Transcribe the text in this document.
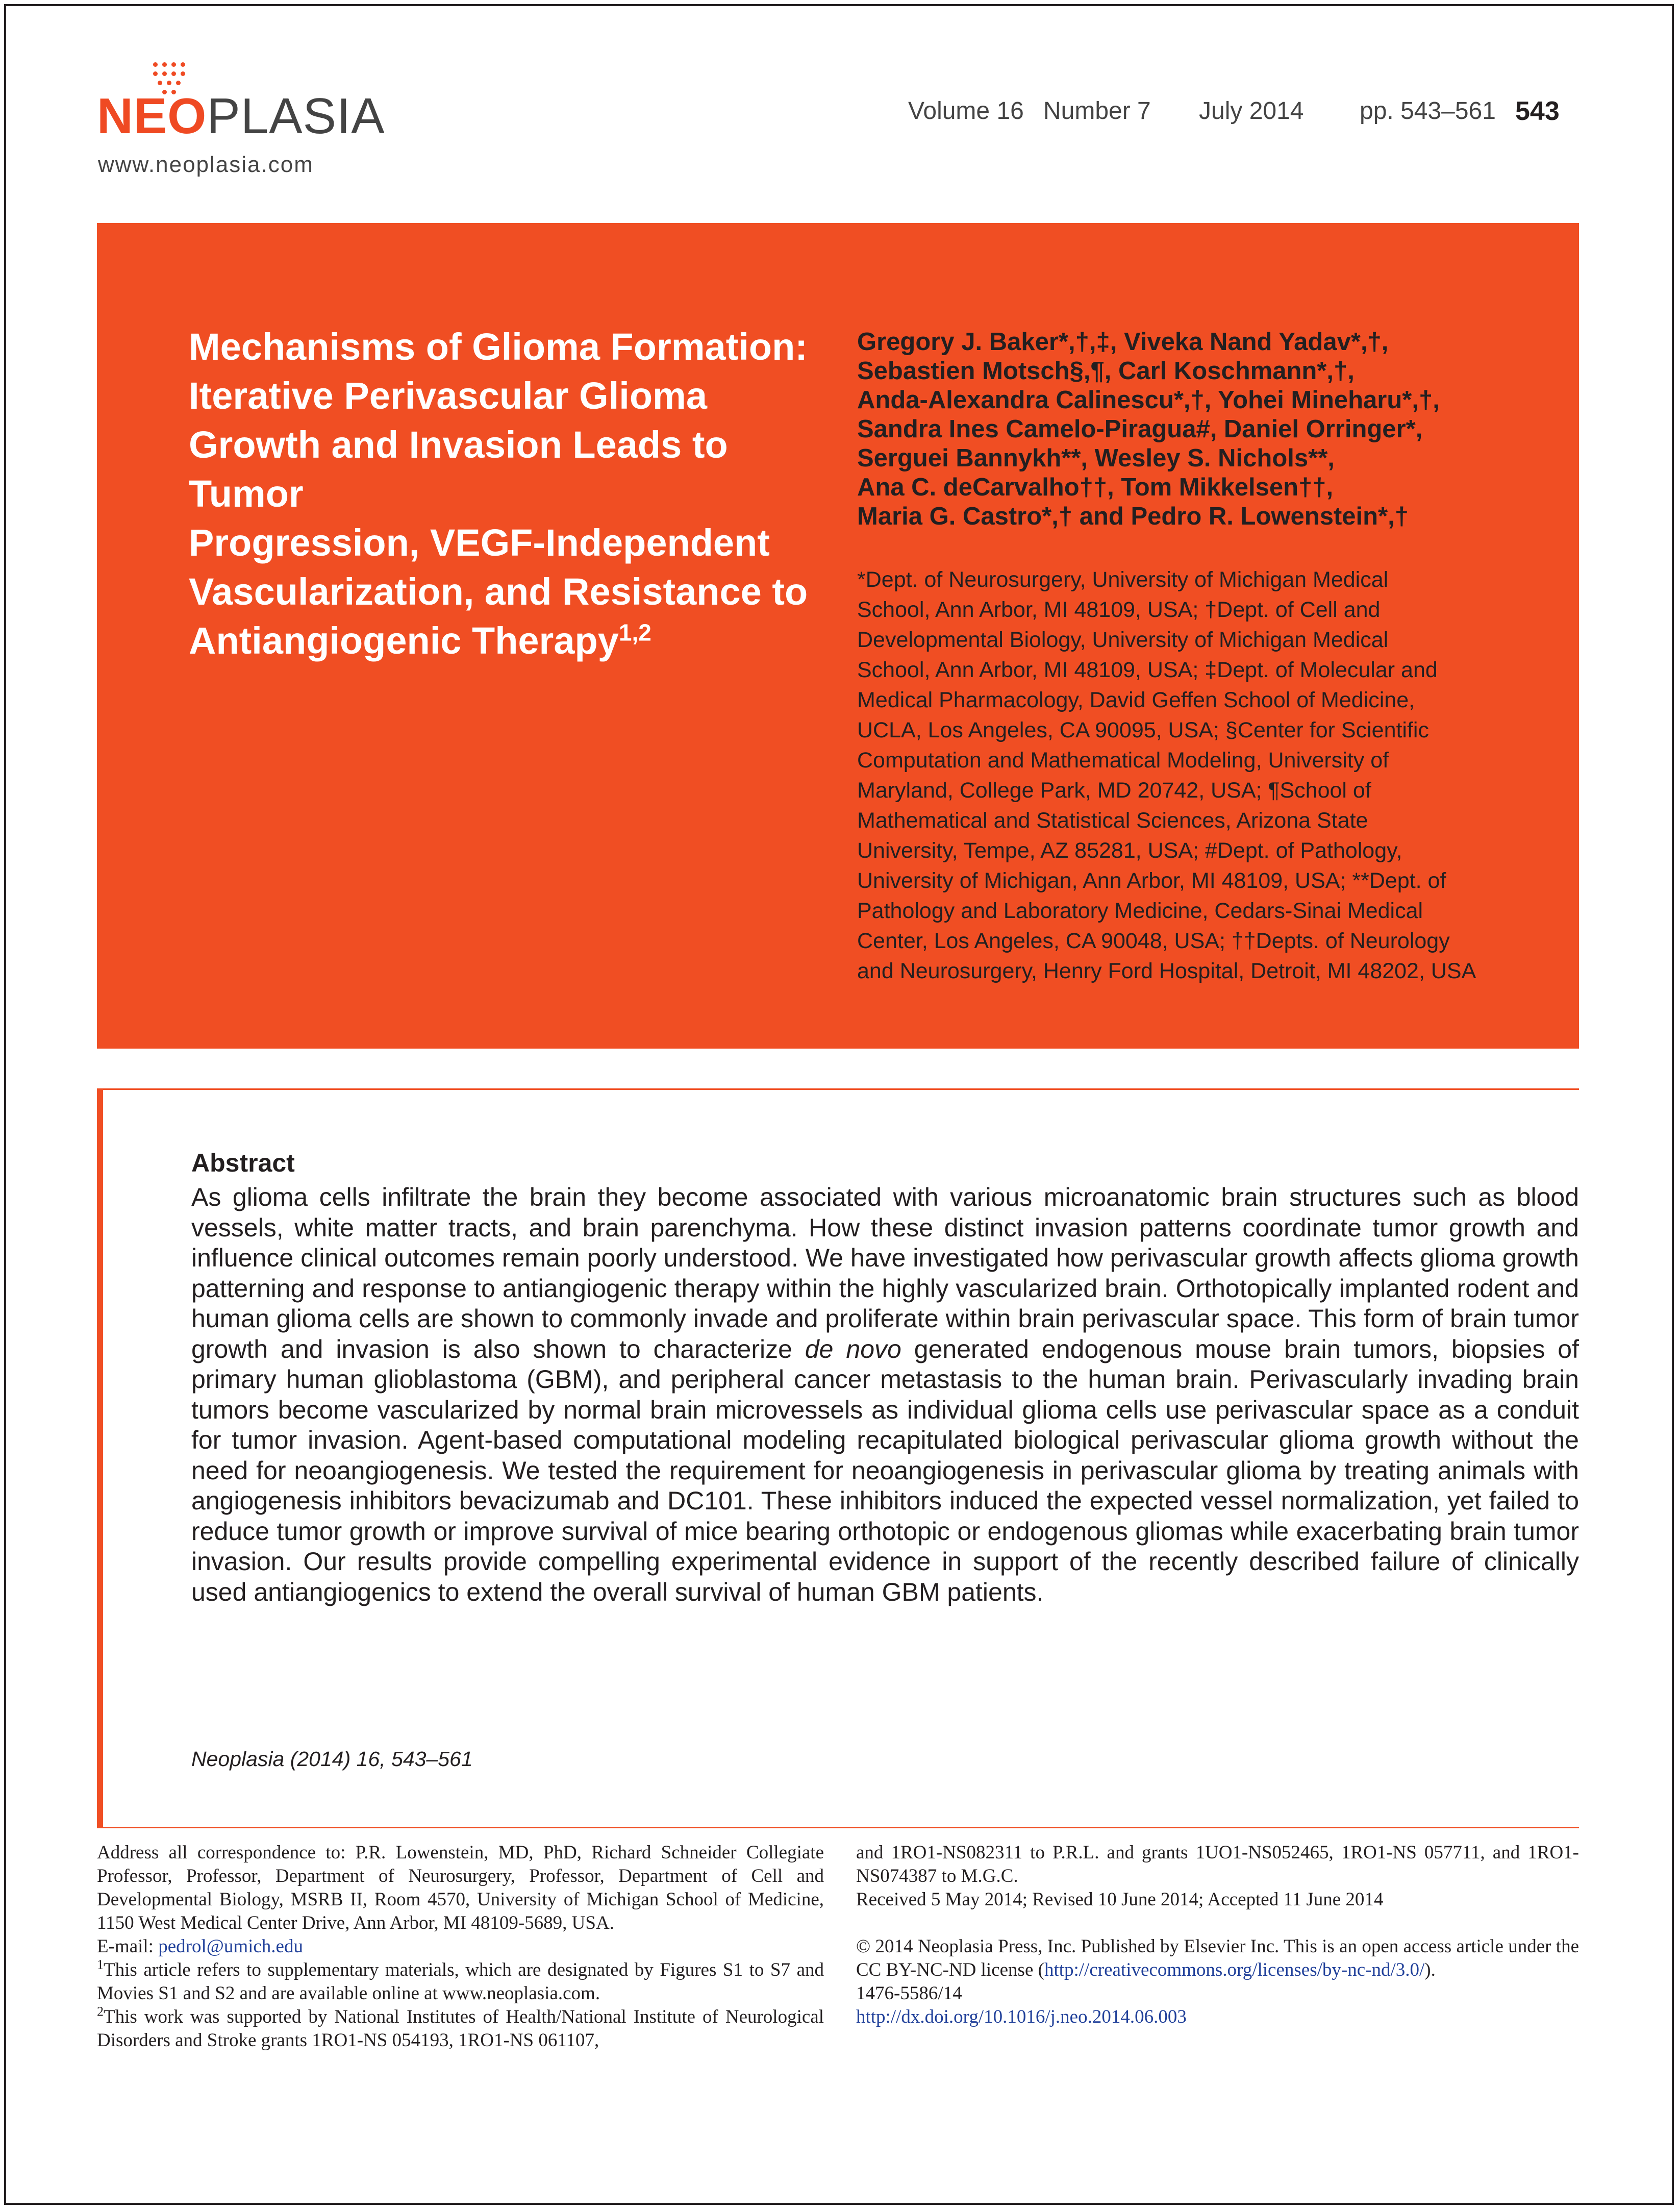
NEOPLASIA
www.neoplasia.com
Volume 16 Number 7 July 2014 pp. 543–561 543
Mechanisms of Glioma Formation:
Iterative Perivascular Glioma
Growth and Invasion Leads to Tumor
Progression, VEGF-Independent
Vascularization, and Resistance to
Antiangiogenic Therapy$^{1,2}$
Gregory J. Baker*,†,‡, Viveka Nand Yadav*,†,
Sebastien Motsch§,¶, Carl Koschmann*,†,
Anda-Alexandra Calinescu*,†, Yohei Mineharu*,†,
Sandra Ines Camelo-Piragua#, Daniel Orringer*,
Serguei Bannykh**, Wesley S. Nichols**,
Ana C. deCarvalho††, Tom Mikkelsen††,
Maria G. Castro*,† and Pedro R. Lowenstein*,†
*Dept. of Neurosurgery, University of Michigan Medical
School, Ann Arbor, MI 48109, USA; †Dept. of Cell and
Developmental Biology, University of Michigan Medical
School, Ann Arbor, MI 48109, USA; ‡Dept. of Molecular and
Medical Pharmacology, David Geffen School of Medicine,
UCLA, Los Angeles, CA 90095, USA; §Center for Scientific
Computation and Mathematical Modeling, University of
Maryland, College Park, MD 20742, USA; ¶School of
Mathematical and Statistical Sciences, Arizona State
University, Tempe, AZ 85281, USA; #Dept. of Pathology,
University of Michigan, Ann Arbor, MI 48109, USA; **Dept. of
Pathology and Laboratory Medicine, Cedars-Sinai Medical
Center, Los Angeles, CA 90048, USA; ††Depts. of Neurology
and Neurosurgery, Henry Ford Hospital, Detroit, MI 48202, USA
Abstract
As glioma cells infiltrate the brain they become associated with various microanatomic brain structures such as blood vessels, white matter tracts, and brain parenchyma. How these distinct invasion patterns coordinate tumor growth and influence clinical outcomes remain poorly understood. We have investigated how perivascular growth affects glioma growth patterning and response to antiangiogenic therapy within the highly vascularized brain. Orthotopically implanted rodent and human glioma cells are shown to commonly invade and proliferate within brain perivascular space. This form of brain tumor growth and invasion is also shown to characterize de novo generated endogenous mouse brain tumors, biopsies of primary human glioblastoma (GBM), and peripheral cancer metastasis to the human brain. Perivascularly invading brain tumors become vascularized by normal brain microvessels as individual glioma cells use perivascular space as a conduit for tumor invasion. Agent-based computational modeling recapitulated biological perivascular glioma growth without the need for neoangiogenesis. We tested the requirement for neoangiogenesis in perivascular glioma by treating animals with angiogenesis inhibitors bevacizumab and DC101. These inhibitors induced the expected vessel normalization, yet failed to reduce tumor growth or improve survival of mice bearing orthotopic or endogenous gliomas while exacerbating brain tumor invasion. Our results provide compelling experimental evidence in support of the recently described failure of clinically used antiangiogenics to extend the overall survival of human GBM patients.
Neoplasia (2014) 16, 543–561

Address all correspondence to: P.R. Lowenstein, MD, PhD, Richard Schneider Collegiate Professor, Professor, Department of Neurosurgery, Professor, Department of Cell and Developmental Biology, MSRB II, Room 4570, University of Michigan School of Medicine, 1150 West Medical Center Drive, Ann Arbor, MI 48109-5689, USA.

E-mail: pedrol@umich.edu

$^1$This article refers to supplementary materials, which are designated by Figures S1 to S7 and Movies S1 and S2 and are available online at www.neoplasia.com.

$^2$This work was supported by National Institutes of Health/National Institute of Neurological Disorders and Stroke grants 1RO1-NS 054193, 1RO1-NS 061107,

and 1RO1-NS082311 to P.R.L. and grants 1UO1-NS052465, 1RO1-NS 057711, and 1RO1-NS074387 to M.G.C.

Received 5 May 2014; Revised 10 June 2014; Accepted 11 June 2014

© 2014 Neoplasia Press, Inc. Published by Elsevier Inc. This is an open access article under the CC BY-NC-ND license (http://creativecommons.org/licenses/by-nc-nd/3.0/).

1476-5586/14

http://dx.doi.org/10.1016/j.neo.2014.06.003
